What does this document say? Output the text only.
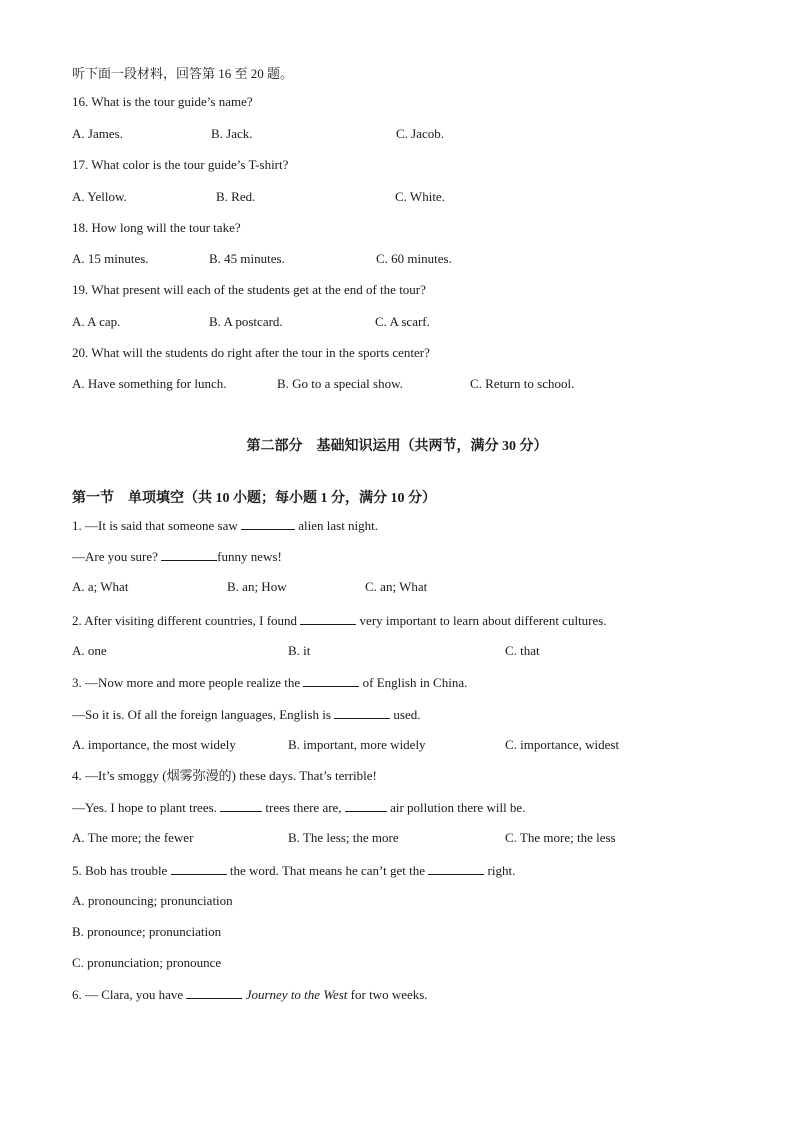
听下面一段材料，回答第 16 至 20 题。
16. What is the tour guide’s name?
A. James.	B. Jack.	C. Jacob.
17. What color is the tour guide’s T-shirt?
A. Yellow.	B. Red.	C. White.
18. How long will the tour take?
A. 15 minutes.	B. 45 minutes.	C. 60 minutes.
19. What present will each of the students get at the end of the tour?
A. A cap.	B. A postcard.	C. A scarf.
20. What will the students do right after the tour in the sports center?
A. Have something for lunch.	B. Go to a special show.	C. Return to school.
第二部分　基础知识运用（共两节，满分 30 分）
第一节　单项填空（共 10 小题；每小题 1 分，满分 10 分）
1. —It is said that someone saw	alien last night.
—Are you sure?	funny news!
A. a; What	B. an; How	C. an; What
2. After visiting different countries, I found	very important to learn about different cultures.
A. one	B. it	C. that
3. —Now more and more people realize the	of English in China.
—So it is. Of all the foreign languages, English is	used.
A. importance, the most widely	B. important, more widely	C. importance, widest
4. —It’s smoggy (烟雾弥漫的) these days. That’s terrible!
—Yes. I hope to plant trees.	trees there are,	air pollution there will be.
A. The more; the fewer	B. The less; the more	C. The more; the less
5. Bob has trouble	the word. That means he can’t get the	right.
A. pronouncing; pronunciation
B. pronounce; pronunciation
C. pronunciation; pronounce
6. — Clara, you have	Journey to the West for two weeks.
